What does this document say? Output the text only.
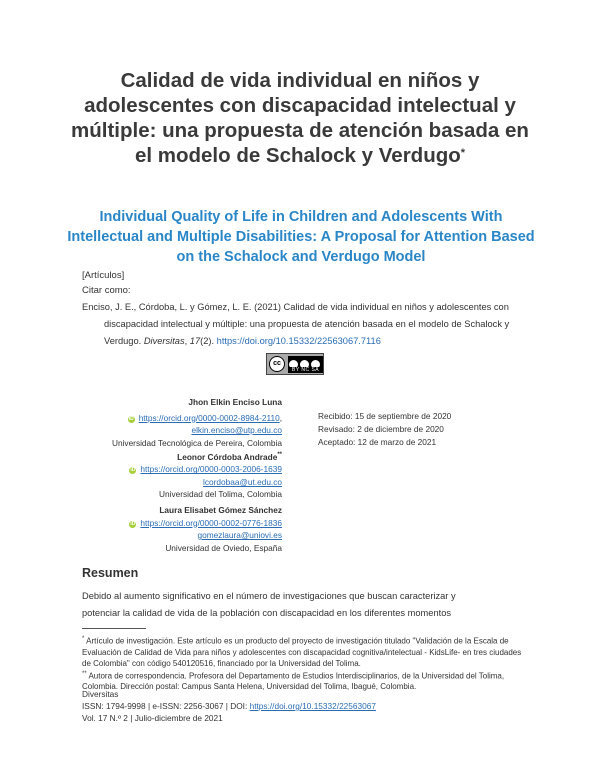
Calidad de vida individual en niños y adolescentes con discapacidad intelectual y múltiple: una propuesta de atención basada en el modelo de Schalock y Verdugo*
Individual Quality of Life in Children and Adolescents With Intellectual and Multiple Disabilities: A Proposal for Attention Based on the Schalock and Verdugo Model
[Artículos]
Citar como:
Enciso, J. E., Córdoba, L. y Gómez, L. E. (2021) Calidad de vida individual en niños y adolescentes con
discapacidad intelectual y múltiple: una propuesta de atención basada en el modelo de Schalock y
Verdugo. Diversitas, 17(2). https://doi.org/10.15332/22563067.7116
cc
BY NC SA
Jhon Elkin Enciso Luna
iD https://orcid.org/0000-0002-8984-2110,
elkin.enciso@utp.edu.co
Universidad Tecnológica de Pereira, Colombia
Leonor Córdoba Andrade**
iD https://orcid.org/0000-0003-2006-1639
lcordobaa@ut.edu.co
Universidad del Tolima, Colombia
Laura Elisabet Gómez Sánchez
iD https://orcid.org/0000-0002-0776-1836
gomezlaura@uniovi.es
Universidad de Oviedo, España
Recibido: 15 de septiembre de 2020
Revisado: 2 de diciembre de 2020
Aceptado: 12 de marzo de 2021
Resumen
Debido al aumento significativo en el número de investigaciones que buscan caracterizar y
potenciar la calidad de vida de la población con discapacidad en los diferentes momentos
* Artículo de investigación. Este artículo es un producto del proyecto de investigación titulado "Validación de la Escala de Evaluación de Calidad de Vida para niños y adolescentes con discapacidad cognitiva/intelectual - KidsLife- en tres ciudades de Colombia" con código 540120516, financiado por la Universidad del Tolima.
** Autora de correspondencia. Profesora del Departamento de Estudios Interdisciplinarios, de la Universidad del Tolima, Colombia. Dirección postal: Campus Santa Helena, Universidad del Tolima, Ibagué, Colombia.
Diversitas
ISSN: 1794-9998 | e-ISSN: 2256-3067 | DOI: https://doi.org/10.15332/22563067
Vol. 17 N.º 2 | Julio-diciembre de 2021
